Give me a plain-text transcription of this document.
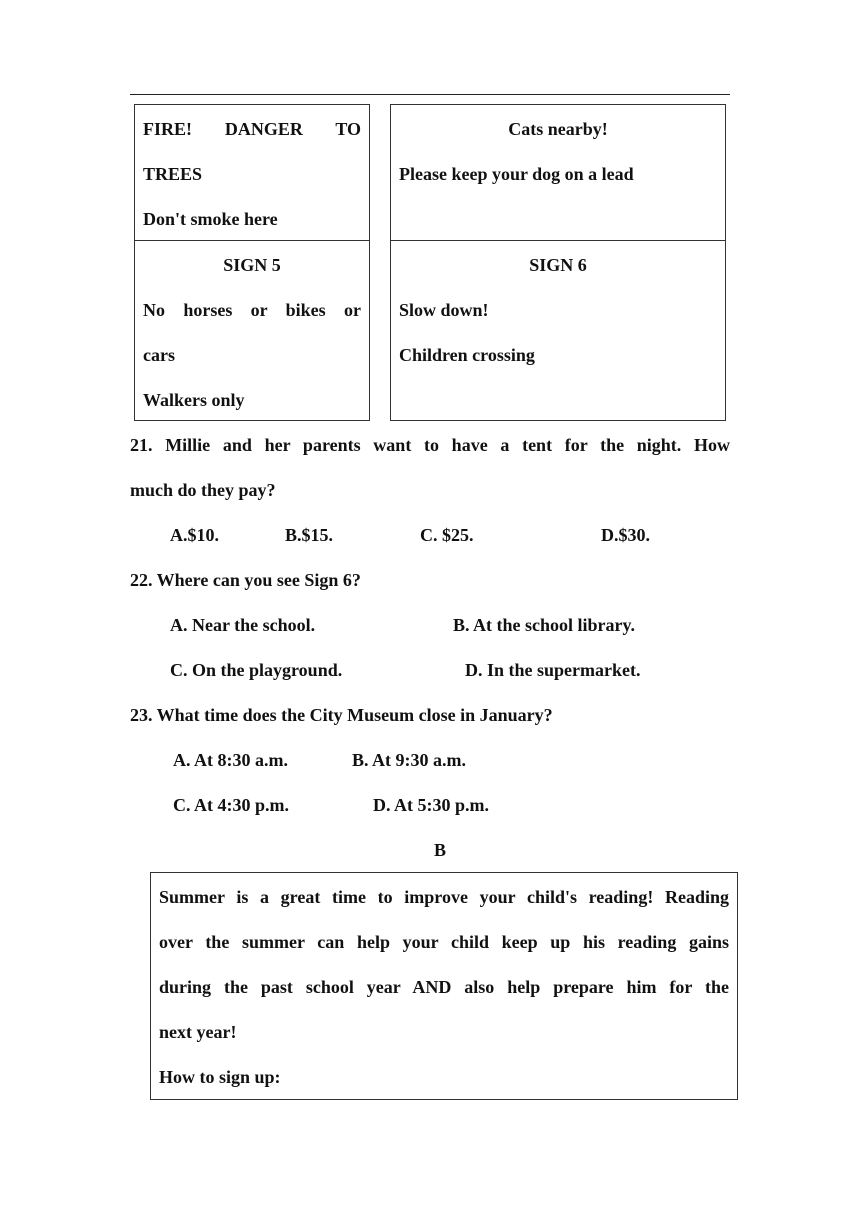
FIRE! DANGER TO
TREES
Don't smoke here
Cats nearby!
Please keep your dog on a lead
SIGN 5
No horses or bikes or
cars
Walkers only
SIGN 6
Slow down!
Children crossing
21. Millie and her parents want to have a tent for the night. How
much do they pay?
A.$10.	B.$15.	C. $25.	D.$30.
22. Where can you see Sign 6?
A. Near the school.	B. At the school library.
C. On the playground.	D. In the supermarket.
23. What time does the City Museum close in January?
A. At 8:30 a.m.	B. At 9:30 a.m.
C. At 4:30 p.m.	D. At 5:30 p.m.
B
Summer is a great time to improve your child's reading! Reading
over the summer can help your child keep up his reading gains
during the past school year AND also help prepare him for the
next year!
How to sign up:
